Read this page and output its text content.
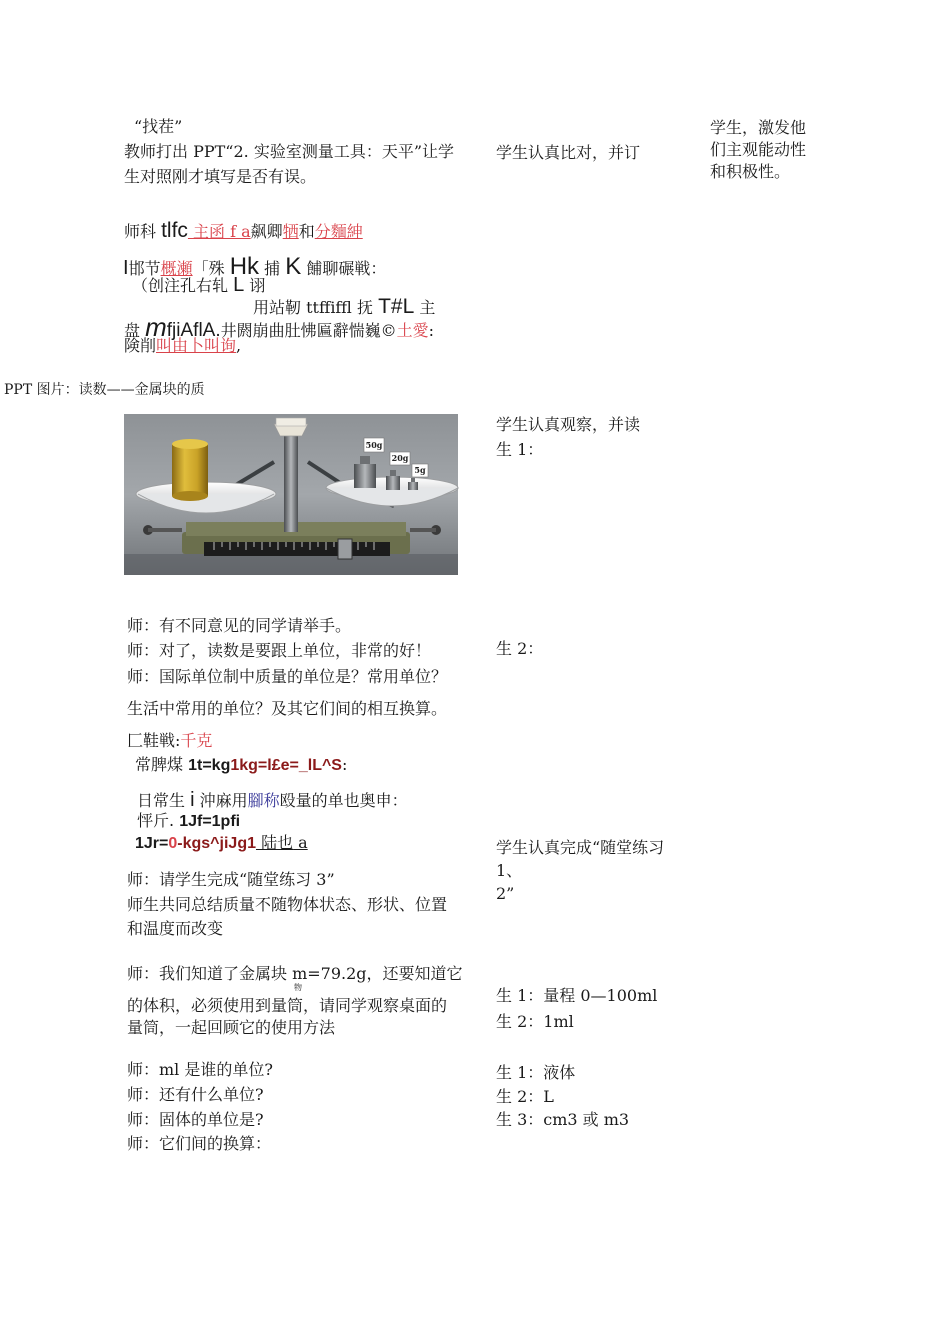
“找茬”
教师打出 PPT“2. 实验室测量工具：天平”让学
生对照刚才填写是否有误。
师科 tlfc 主函 f a飙卿牺和分麵紳
I邯节概瀬「殊 Hk 捕 K 餔聊碾戦：
（创注孔右轧 L 诩
用站靭 ttffiffl 抚 T#L 主
盘 mfjiAflA.井閼崩曲肚怫匾辭惴巍©土愛:
険削叫由卜叫询,
PPT 图片：读数——金属块的质
50g
20g
5g
师：有不同意见的同学请举手。
师：对了，读数是要跟上单位，非常的好！
师：国际单位制中质量的单位是？常用单位？
生活中常用的单位？及其它们间的相互换算。
匚鞋戦:千克
常脾煤 1t=kg1kg=l£e=_lL^S:
日常生 i 沖麻用腳称殴量的单也奥申：
怦斤. 1Jf=1pfi
1Jr=0-kgs^jiJg1 陆也 a
师：请学生完成“随堂练习 3”
师生共同总结质量不随物体状态、形状、位置
和温度而改变
师：我们知道了金属块 m=79.2g，还要知道它
物
的体积，必须使用到量筒，请同学观察桌面的
量筒，一起回顾它的使用方法
师：ml 是谁的单位?
师：还有什么单位?
师：固体的单位是?
师：它们间的换算：
学生认真比对，并订
学生认真观察，并读
生 1：
生 2：
学生认真完成“随堂练习
1、
2”
生 1：量程 0—100ml
生 2：1ml
生 1：液体
生 2：L
生 3：cm3 或 m3
学生，激发他
们主观能动性
和积极性。
